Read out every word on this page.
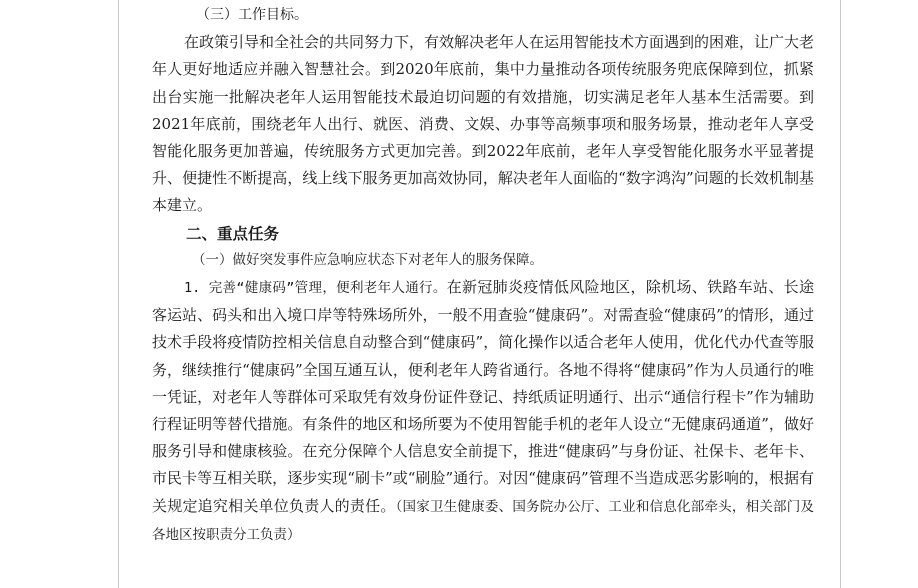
（三）工作目标。

在政策引导和全社会的共同努力下，有效解决老年人在运用智能技术方面遇到的困难，让广大老年人更好地适应并融入智慧社会。到2020年底前，集中力量推动各项传统服务兜底保障到位，抓紧出台实施一批解决老年人运用智能技术最迫切问题的有效措施，切实满足老年人基本生活需要。到2021年底前，围绕老年人出行、就医、消费、文娱、办事等高频事项和服务场景，推动老年人享受智能化服务更加普遍，传统服务方式更加完善。到2022年底前，老年人享受智能化服务水平显著提升、便捷性不断提高，线上线下服务更加高效协同，解决老年人面临的“数字鸿沟”问题的长效机制基本建立。

二、重点任务

（一）做好突发事件应急响应状态下对老年人的服务保障。

1. 完善“健康码”管理，便利老年人通行。在新冠肺炎疫情低风险地区，除机场、铁路车站、长途客运站、码头和出入境口岸等特殊场所外，一般不用查验“健康码”。对需查验“健康码”的情形，通过技术手段将疫情防控相关信息自动整合到“健康码”，简化操作以适合老年人使用，优化代办代查等服务，继续推行“健康码”全国互通互认，便利老年人跨省通行。各地不得将“健康码”作为人员通行的唯一凭证，对老年人等群体可采取凭有效身份证件登记、持纸质证明通行、出示“通信行程卡”作为辅助行程证明等替代措施。有条件的地区和场所要为不使用智能手机的老年人设立“无健康码通道”，做好服务引导和健康核验。在充分保障个人信息安全前提下，推进“健康码”与身份证、社保卡、老年卡、市民卡等互相关联，逐步实现“刷卡”或“刷脸”通行。对因“健康码”管理不当造成恶劣影响的，根据有关规定追究相关单位负责人的责任。（国家卫生健康委、国务院办公厅、工业和信息化部牵头，相关部门及各地区按职责分工负责）
